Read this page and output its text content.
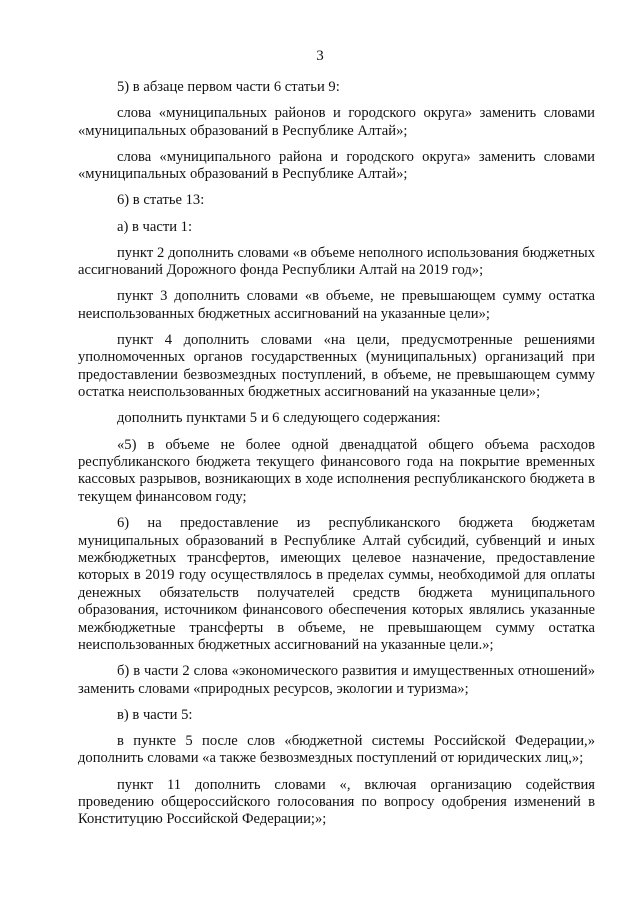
3

5) в абзаце первом части 6 статьи 9:

слова «муниципальных районов и городского округа» заменить словами «муниципальных образований в Республике Алтай»;

слова «муниципального района и городского округа» заменить словами «муниципальных образований в Республике Алтай»;

6) в статье 13:

а) в части 1:

пункт 2 дополнить словами «в объеме неполного использования бюджетных ассигнований Дорожного фонда Республики Алтай на 2019 год»;

пункт 3 дополнить словами «в объеме, не превышающем сумму остатка неиспользованных бюджетных ассигнований на указанные цели»;

пункт 4 дополнить словами «на цели, предусмотренные решениями уполномоченных органов государственных (муниципальных) организаций при предоставлении безвозмездных поступлений, в объеме, не превышающем сумму остатка неиспользованных бюджетных ассигнований на указанные цели»;

дополнить пунктами 5 и 6 следующего содержания:

«5) в объеме не более одной двенадцатой общего объема расходов республиканского бюджета текущего финансового года на покрытие временных кассовых разрывов, возникающих в ходе исполнения республиканского бюджета в текущем финансовом году;

6) на предоставление из республиканского бюджета бюджетам муниципальных образований в Республике Алтай субсидий, субвенций и иных межбюджетных трансфертов, имеющих целевое назначение, предоставление которых в 2019 году осуществлялось в пределах суммы, необходимой для оплаты денежных обязательств получателей средств бюджета муниципального образования, источником финансового обеспечения которых являлись указанные межбюджетные трансферты в объеме, не превышающем сумму остатка неиспользованных бюджетных ассигнований на указанные цели.»;

б) в части 2 слова «экономического развития и имущественных отношений» заменить словами «природных ресурсов, экологии и туризма»;

в) в части 5:

в пункте 5 после слов «бюджетной системы Российской Федерации,» дополнить словами «а также безвозмездных поступлений от юридических лиц,»;

пункт 11 дополнить словами «, включая организацию содействия проведению общероссийского голосования по вопросу одобрения изменений в Конституцию Российской Федерации;»;
